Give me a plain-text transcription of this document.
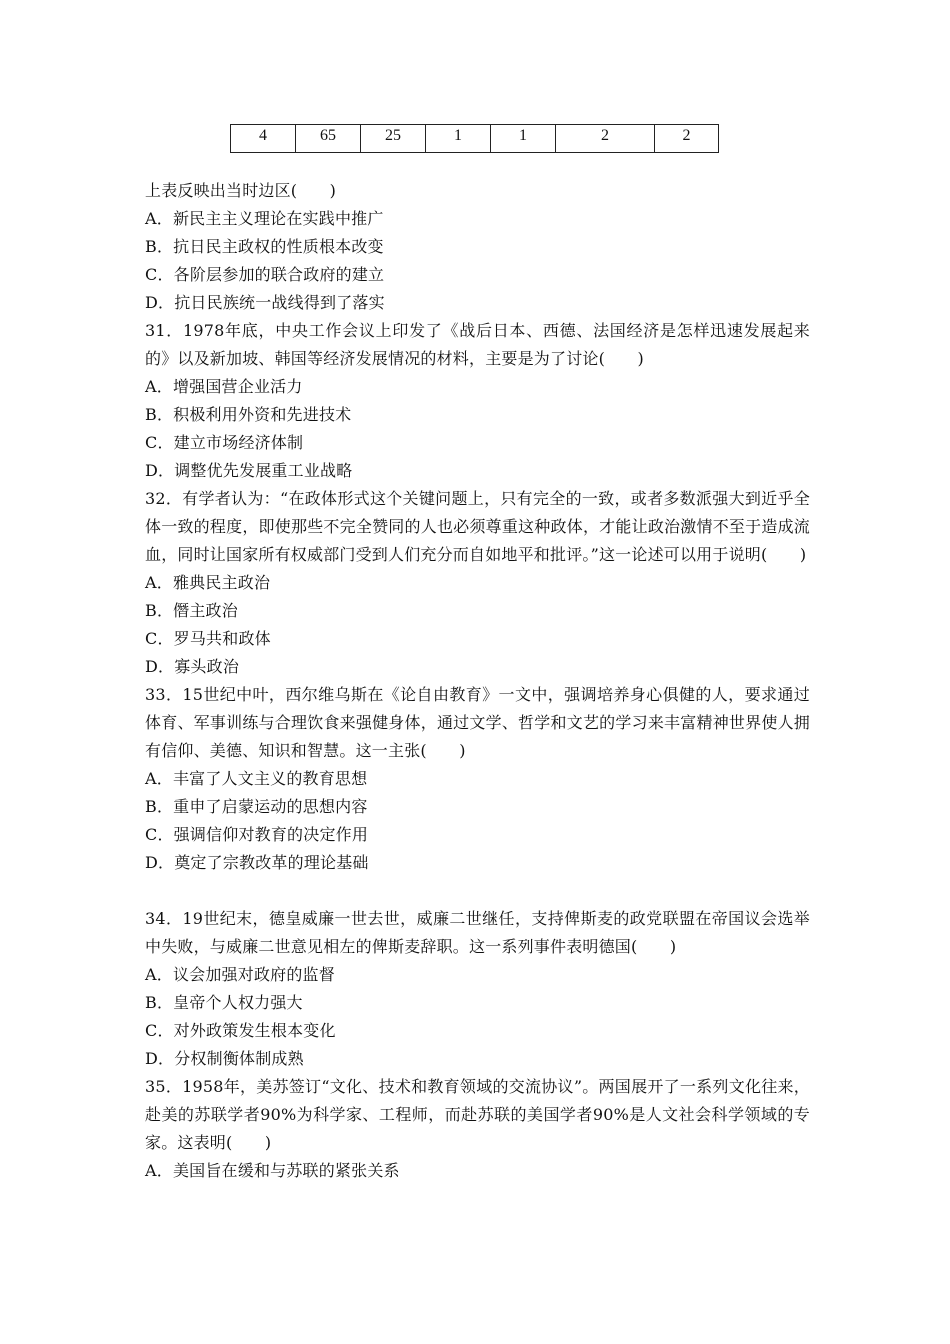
4	65	25	1	1	2	2
上表反映出当时边区(　　)
A．新民主主义理论在实践中推广
B．抗日民主政权的性质根本改变
C．各阶层参加的联合政府的建立
D．抗日民族统一战线得到了落实
31．1978年底，中央工作会议上印发了《战后日本、西德、法国经济是怎样迅速发展起来的》以及新加坡、韩国等经济发展情况的材料，主要是为了讨论(　　)
A．增强国营企业活力
B．积极利用外资和先进技术
C．建立市场经济体制
D．调整优先发展重工业战略
32．有学者认为：“在政体形式这个关键问题上，只有完全的一致，或者多数派强大到近乎全体一致的程度，即使那些不完全赞同的人也必须尊重这种政体，才能让政治激情不至于造成流血，同时让国家所有权威部门受到人们充分而自如地平和批评。”这一论述可以用于说明(　　)
A．雅典民主政治
B．僭主政治
C．罗马共和政体
D．寡头政治
33．15世纪中叶，西尔维乌斯在《论自由教育》一文中，强调培养身心俱健的人，要求通过体育、军事训练与合理饮食来强健身体，通过文学、哲学和文艺的学习来丰富精神世界使人拥有信仰、美德、知识和智慧。这一主张(　　)
A．丰富了人文主义的教育思想
B．重申了启蒙运动的思想内容
C．强调信仰对教育的决定作用
D．奠定了宗教改革的理论基础
34．19世纪末，德皇威廉一世去世，威廉二世继任，支持俾斯麦的政党联盟在帝国议会选举中失败，与威廉二世意见相左的俾斯麦辞职。这一系列事件表明德国(　　)
A．议会加强对政府的监督
B．皇帝个人权力强大
C．对外政策发生根本变化
D．分权制衡体制成熟
35．1958年，美苏签订“文化、技术和教育领域的交流协议”。两国展开了一系列文化往来，赴美的苏联学者90%为科学家、工程师，而赴苏联的美国学者90%是人文社会科学领域的专家。这表明(　　)
A．美国旨在缓和与苏联的紧张关系
